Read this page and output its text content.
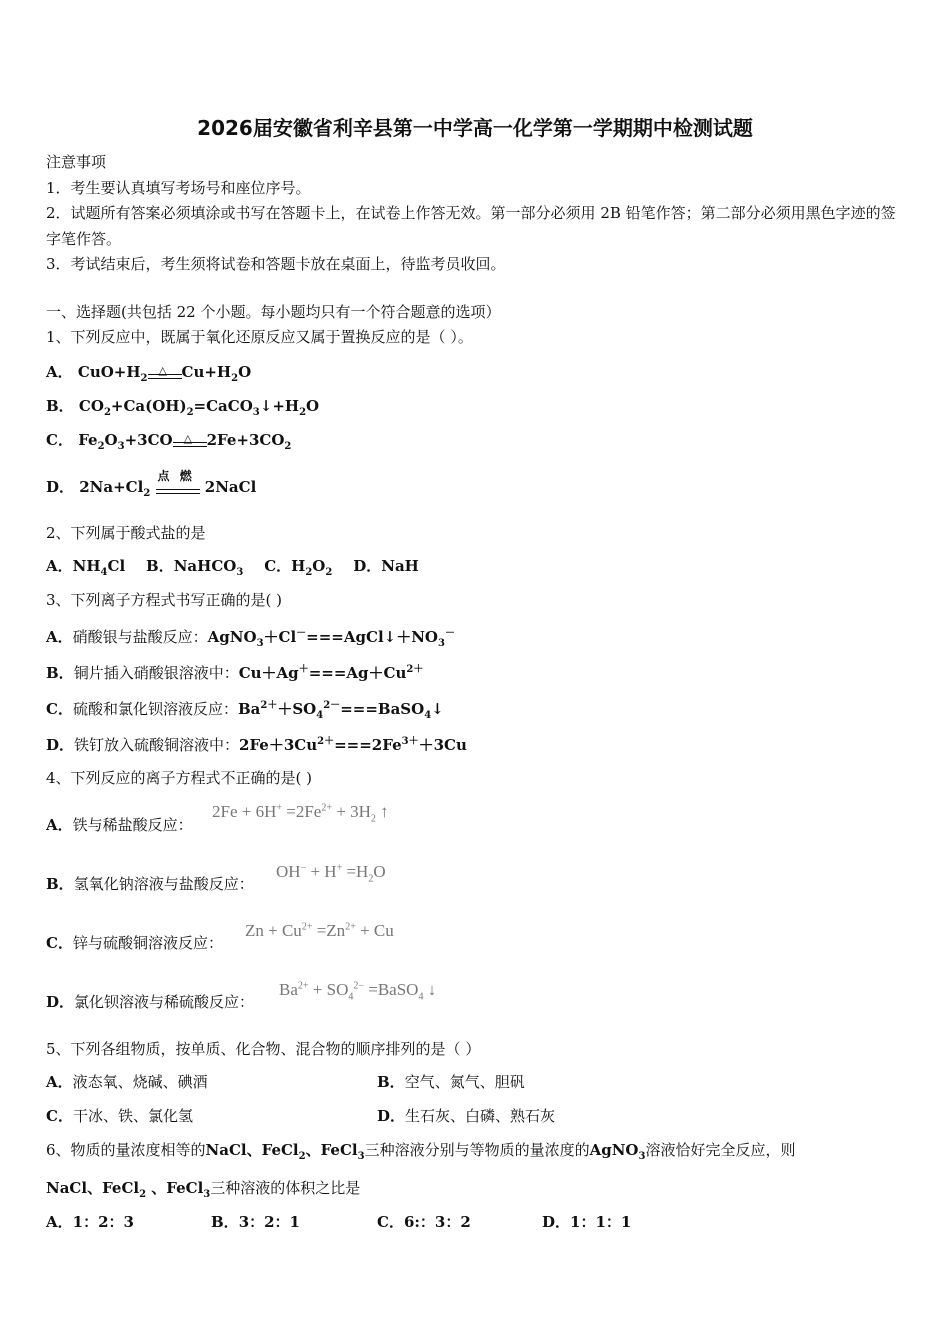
2026届安徽省利辛县第一中学高一化学第一学期期中检测试题
注意事项
1．考生要认真填写考场号和座位序号。
2．试题所有答案必须填涂或书写在答题卡上，在试卷上作答无效。第一部分必须用 2B 铅笔作答；第二部分必须用黑色字迹的签字笔作答。
3．考试结束后，考生须将试卷和答题卡放在桌面上，待监考员收回。
一、选择题(共包括 22 个小题。每小题均只有一个符合题意的选项）
1、下列反应中，既属于氧化还原反应又属于置换反应的是（ ）。
A． $CuO+H_2$
△ $Cu+H_2O$
B． $CO_2+Ca(OH)_2=CaCO_3↓+H_2O$
C． $Fe_2O_3+3CO$ △ $2Fe+3CO_2$
D． $2Na+Cl_2$
点 燃
2NaCl
2、下列属于酸式盐的是
A．$NH_4Cl$    B．NaHCO$_3$ C．$H_2O_2$ D．NaH
3、下列离子方程式书写正确的是( )
A．硝酸银与盐酸反应：$AgNO_3+Cl^-===AgCl↓+NO_3^-$
B．铜片插入硝酸银溶液中：$Cu+Ag^+===Ag+Cu^{2+}$
C．硫酸和氯化钡溶液反应：$Ba^{2+}+SO_4^{2-}===BaSO_4↓$
D．铁钉放入硫酸铜溶液中：$2Fe+3Cu^{2+}===2Fe^{3+}+3Cu$
4、下列反应的离子方程式不正确的是( )
A．铁与稀盐酸反应：
$2Fe + 6H^+ =2Fe^{2+} + 3H_2$ ↑
B．氢氧化钠溶液与盐酸反应：
$OH^- + H^+ =H_2O$
C．锌与硫酸铜溶液反应：
$Zn + Cu^{2+} =Zn^{2+} + Cu$
D．氯化钡溶液与稀硫酸反应：
$Ba^{2+} + SO_4^{2-}$ =BaSO$_4$ ↓
5、下列各组物质，按单质、化合物、混合物的顺序排列的是（ ）
A．液态氧、烧碱、碘酒	B．空气、氮气、胆矾
C．干冰、铁、氯化氢	D．生石灰、白磷、熟石灰
6、物质的量浓度相等的NaCl、FeCl$_2$、FeCl$_3$三种溶液分别与等物质的量浓度的AgNO$_3$溶液恰好完全反应，则
NaCl、FeCl$_2$ 、FeCl$_3$三种溶液的体积之比是
A．1：2：3	B．3：2：1	C．6:：3：2	D．1：1：1
